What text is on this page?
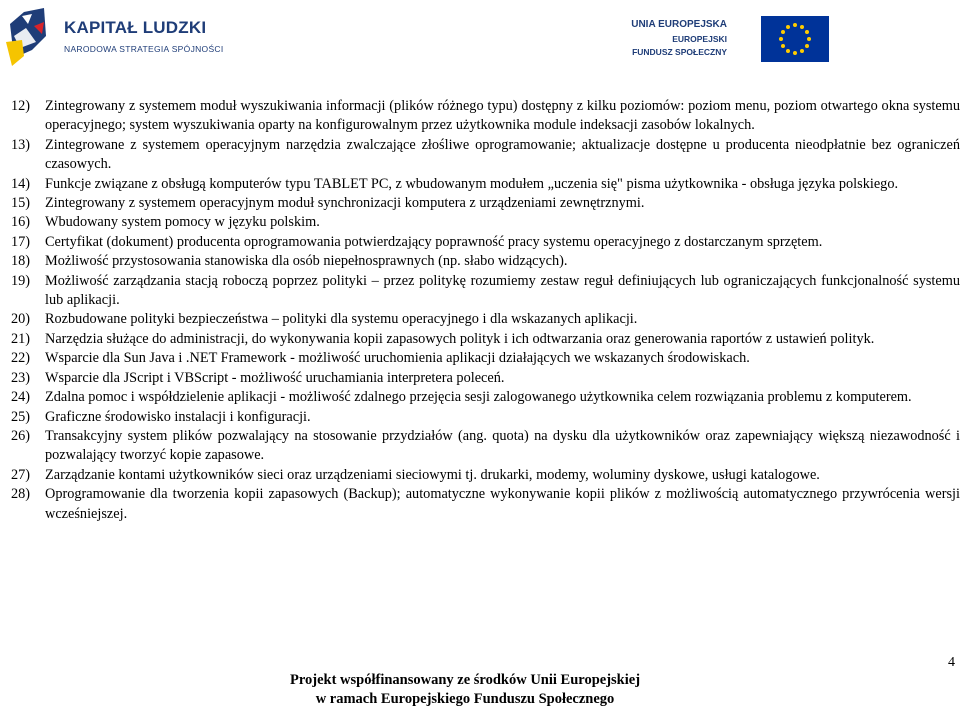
KAPITAŁ LUDZKI
NARODOWA STRATEGIA SPÓJNOŚCI
UNIA EUROPEJSKA
EUROPEJSKI
FUNDUSZ SPOŁECZNY
12)	Zintegrowany z systemem moduł wyszukiwania informacji (plików różnego typu) dostępny z kilku poziomów: poziom menu, poziom otwartego okna systemu operacyjnego; system wyszukiwania oparty na konfigurowalnym przez użytkownika module indeksacji zasobów lokalnych.
13)	Zintegrowane z systemem operacyjnym narzędzia zwalczające złośliwe oprogramowanie; aktualizacje dostępne u producenta nieodpłatnie bez ograniczeń czasowych.
14)	Funkcje związane z obsługą komputerów typu TABLET PC, z wbudowanym modułem „uczenia się" pisma użytkownika - obsługa języka polskiego.
15)	Zintegrowany z systemem operacyjnym moduł synchronizacji komputera z urządzeniami zewnętrznymi.
16)	Wbudowany system pomocy w języku polskim.
17)	Certyfikat (dokument) producenta oprogramowania potwierdzający poprawność pracy systemu operacyjnego z dostarczanym sprzętem.
18)	Możliwość przystosowania stanowiska dla osób niepełnosprawnych (np. słabo widzących).
19)	Możliwość zarządzania stacją roboczą poprzez polityki – przez politykę rozumiemy zestaw reguł definiujących lub ograniczających funkcjonalność systemu lub aplikacji.
20)	Rozbudowane polityki bezpieczeństwa – polityki dla systemu operacyjnego i dla wskazanych aplikacji.
21)	Narzędzia służące do administracji, do wykonywania kopii zapasowych polityk i ich odtwarzania oraz generowania raportów z ustawień polityk.
22)	Wsparcie dla Sun Java i .NET Framework - możliwość uruchomienia aplikacji działających we wskazanych środowiskach.
23)	Wsparcie dla JScript i VBScript - możliwość uruchamiania interpretera poleceń.
24)	Zdalna pomoc i współdzielenie aplikacji - możliwość zdalnego przejęcia sesji zalogowanego użytkownika celem rozwiązania problemu z komputerem.
25)	Graficzne środowisko instalacji i konfiguracji.
26)	Transakcyjny system plików pozwalający na stosowanie przydziałów (ang. quota) na dysku dla użytkowników oraz zapewniający większą niezawodność i pozwalający tworzyć kopie zapasowe.
27)	Zarządzanie kontami użytkowników sieci oraz urządzeniami sieciowymi tj. drukarki, modemy, woluminy dyskowe, usługi katalogowe.
28)	Oprogramowanie dla tworzenia kopii zapasowych (Backup); automatyczne wykonywanie kopii plików z możliwością automatycznego przywrócenia wersji wcześniejszej.
4
Projekt współfinansowany ze środków Unii Europejskiej
w ramach Europejskiego Funduszu Społecznego
